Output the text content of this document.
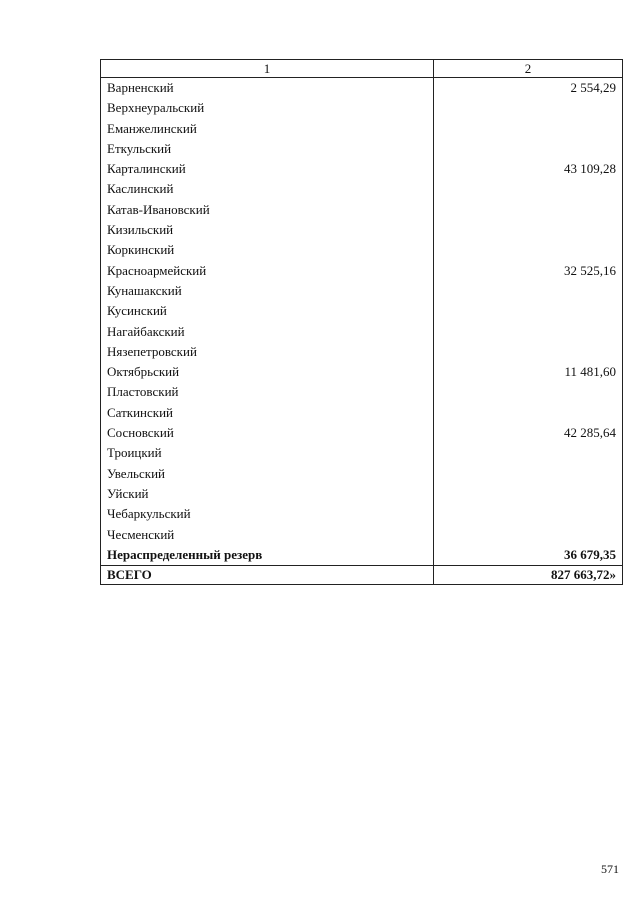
1	2
Варненский	2 554,29
Верхнеуральский	
Еманжелинский	
Еткульский	
Карталинский	43 109,28
Каслинский	
Катав-Ивановский	
Кизильский	
Коркинский	
Красноармейский	32 525,16
Кунашакский	
Кусинский	
Нагайбакский	
Нязепетровский	
Октябрьский	11 481,60
Пластовский	
Саткинский	
Сосновский	42 285,64
Троицкий	
Увельский	
Уйский	
Чебаркульский	
Чесменский	
Нераспределенный резерв	36 679,35
ВСЕГО	827 663,72»
571
